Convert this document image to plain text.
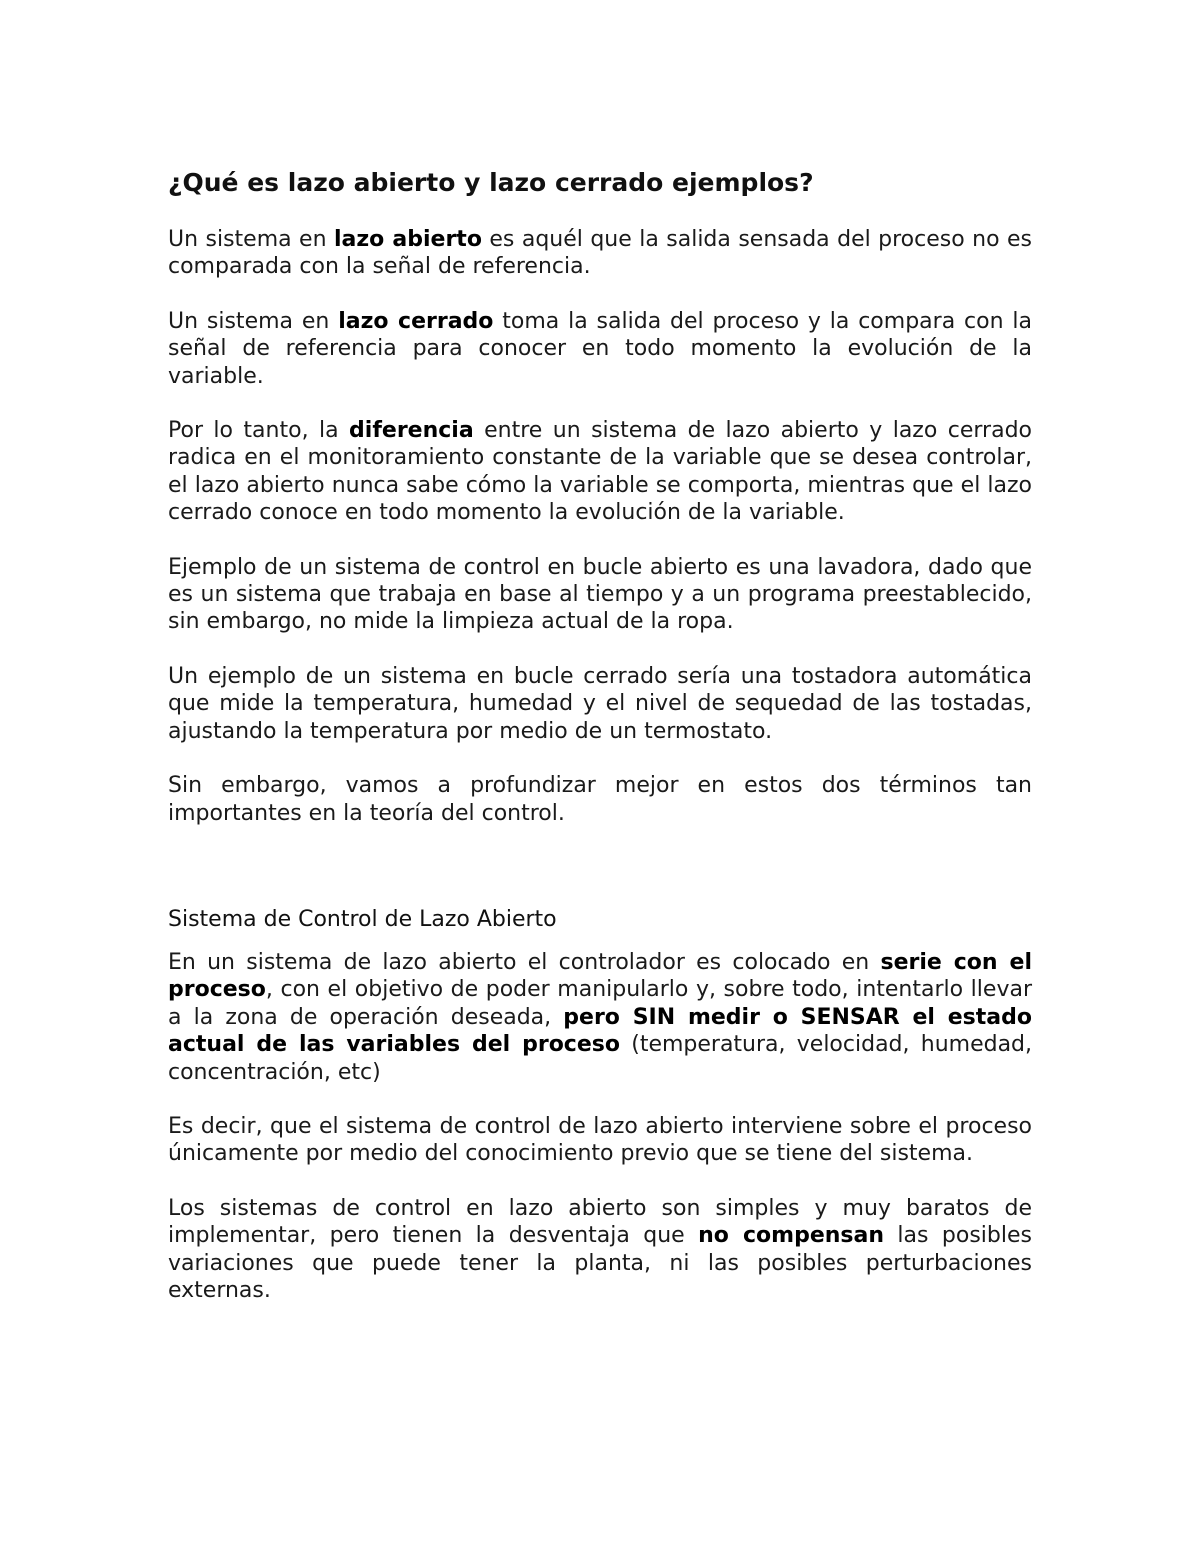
¿Qué es lazo abierto y lazo cerrado ejemplos?

Un sistema en lazo abierto es aquél que la salida sensada del proceso no es comparada con la señal de referencia.

Un sistema en lazo cerrado toma la salida del proceso y la compara con la señal de referencia para conocer en todo momento la evolución de la variable.

Por lo tanto, la diferencia entre un sistema de lazo abierto y lazo cerrado radica en el monitoramiento constante de la variable que se desea controlar, el lazo abierto nunca sabe cómo la variable se comporta, mientras que el lazo cerrado conoce en todo momento la evolución de la variable.

Ejemplo de un sistema de control en bucle abierto es una lavadora, dado que es un sistema que trabaja en base al tiempo y a un programa preestablecido, sin embargo, no mide la limpieza actual de la ropa.

Un ejemplo de un sistema en bucle cerrado sería una tostadora automática que mide la temperatura, humedad y el nivel de sequedad de las tostadas, ajustando la temperatura por medio de un termostato.

Sin embargo, vamos a profundizar mejor en estos dos términos tan importantes en la teoría del control.

Sistema de Control de Lazo Abierto

En un sistema de lazo abierto el controlador es colocado en serie con el proceso, con el objetivo de poder manipularlo y, sobre todo, intentarlo llevar a la zona de operación deseada, pero SIN medir o SENSAR el estado actual de las variables del proceso (temperatura, velocidad, humedad, concentración, etc)

Es decir, que el sistema de control de lazo abierto interviene sobre el proceso únicamente por medio del conocimiento previo que se tiene del sistema.

Los sistemas de control en lazo abierto son simples y muy baratos de implementar, pero tienen la desventaja que no compensan las posibles variaciones que puede tener la planta, ni las posibles perturbaciones externas.
